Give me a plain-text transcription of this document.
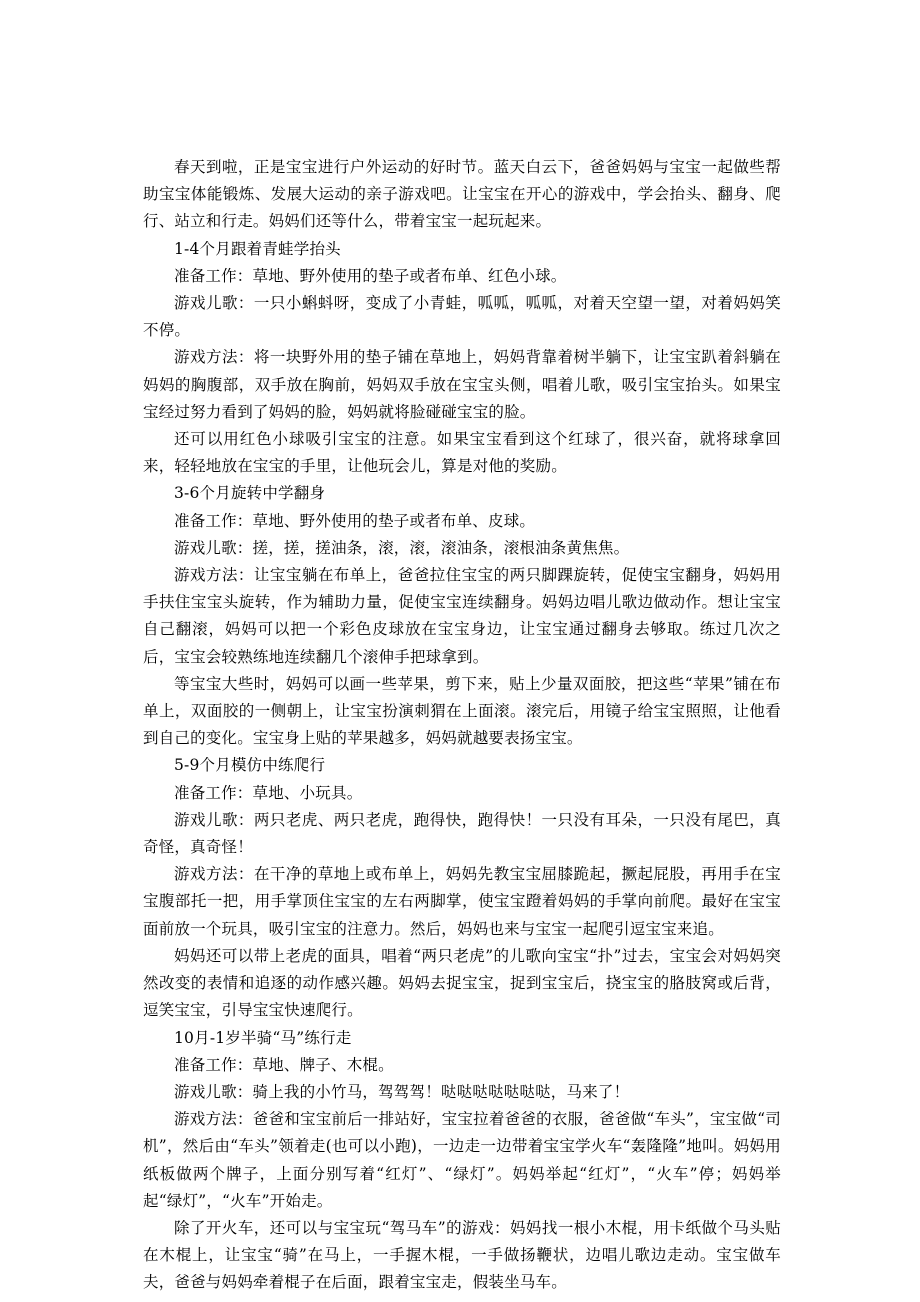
春天到啦，正是宝宝进行户外运动的好时节。蓝天白云下，爸爸妈妈与宝宝一起做些帮助宝宝体能锻炼、发展大运动的亲子游戏吧。让宝宝在开心的游戏中，学会抬头、翻身、爬行、站立和行走。妈妈们还等什么，带着宝宝一起玩起来。

1-4个月跟着青蛙学抬头

准备工作：草地、野外使用的垫子或者布单、红色小球。

游戏儿歌：一只小蝌蚪呀，变成了小青蛙，呱呱，呱呱，对着天空望一望，对着妈妈笑不停。

游戏方法：将一块野外用的垫子铺在草地上，妈妈背靠着树半躺下，让宝宝趴着斜躺在妈妈的胸腹部，双手放在胸前，妈妈双手放在宝宝头侧，唱着儿歌，吸引宝宝抬头。如果宝宝经过努力看到了妈妈的脸，妈妈就将脸碰碰宝宝的脸。

还可以用红色小球吸引宝宝的注意。如果宝宝看到这个红球了，很兴奋，就将球拿回来，轻轻地放在宝宝的手里，让他玩会儿，算是对他的奖励。

3-6个月旋转中学翻身

准备工作：草地、野外使用的垫子或者布单、皮球。

游戏儿歌：搓，搓，搓油条，滚，滚，滚油条，滚根油条黄焦焦。

游戏方法：让宝宝躺在布单上，爸爸拉住宝宝的两只脚踝旋转，促使宝宝翻身，妈妈用手扶住宝宝头旋转，作为辅助力量，促使宝宝连续翻身。妈妈边唱儿歌边做动作。想让宝宝自己翻滚，妈妈可以把一个彩色皮球放在宝宝身边，让宝宝通过翻身去够取。练过几次之后，宝宝会较熟练地连续翻几个滚伸手把球拿到。

等宝宝大些时，妈妈可以画一些苹果，剪下来，贴上少量双面胶，把这些“苹果”铺在布单上，双面胶的一侧朝上，让宝宝扮演刺猬在上面滚。滚完后，用镜子给宝宝照照，让他看到自己的变化。宝宝身上贴的苹果越多，妈妈就越要表扬宝宝。

5-9个月模仿中练爬行

准备工作：草地、小玩具。

游戏儿歌：两只老虎、两只老虎，跑得快，跑得快！一只没有耳朵，一只没有尾巴，真奇怪，真奇怪！

游戏方法：在干净的草地上或布单上，妈妈先教宝宝屈膝跪起，撅起屁股，再用手在宝宝腹部托一把，用手掌顶住宝宝的左右两脚掌，使宝宝蹬着妈妈的手掌向前爬。最好在宝宝面前放一个玩具，吸引宝宝的注意力。然后，妈妈也来与宝宝一起爬引逗宝宝来追。

妈妈还可以带上老虎的面具，唱着“两只老虎”的儿歌向宝宝“扑”过去，宝宝会对妈妈突然改变的表情和追逐的动作感兴趣。妈妈去捉宝宝，捉到宝宝后，挠宝宝的胳肢窝或后背，逗笑宝宝，引导宝宝快速爬行。

10月-1岁半骑“马”练行走

准备工作：草地、牌子、木棍。

游戏儿歌：骑上我的小竹马，驾驾驾！哒哒哒哒哒哒哒，马来了！

游戏方法：爸爸和宝宝前后一排站好，宝宝拉着爸爸的衣服，爸爸做“车头”，宝宝做“司机”，然后由“车头”领着走(也可以小跑)，一边走一边带着宝宝学火车“轰隆隆”地叫。妈妈用纸板做两个牌子，上面分别写着“红灯”、“绿灯”。妈妈举起“红灯”，“火车”停；妈妈举起“绿灯”，“火车”开始走。

除了开火车，还可以与宝宝玩“驾马车”的游戏：妈妈找一根小木棍，用卡纸做个马头贴在木棍上，让宝宝“骑”在马上，一手握木棍，一手做扬鞭状，边唱儿歌边走动。宝宝做车夫，爸爸与妈妈牵着棍子在后面，跟着宝宝走，假装坐马车。
